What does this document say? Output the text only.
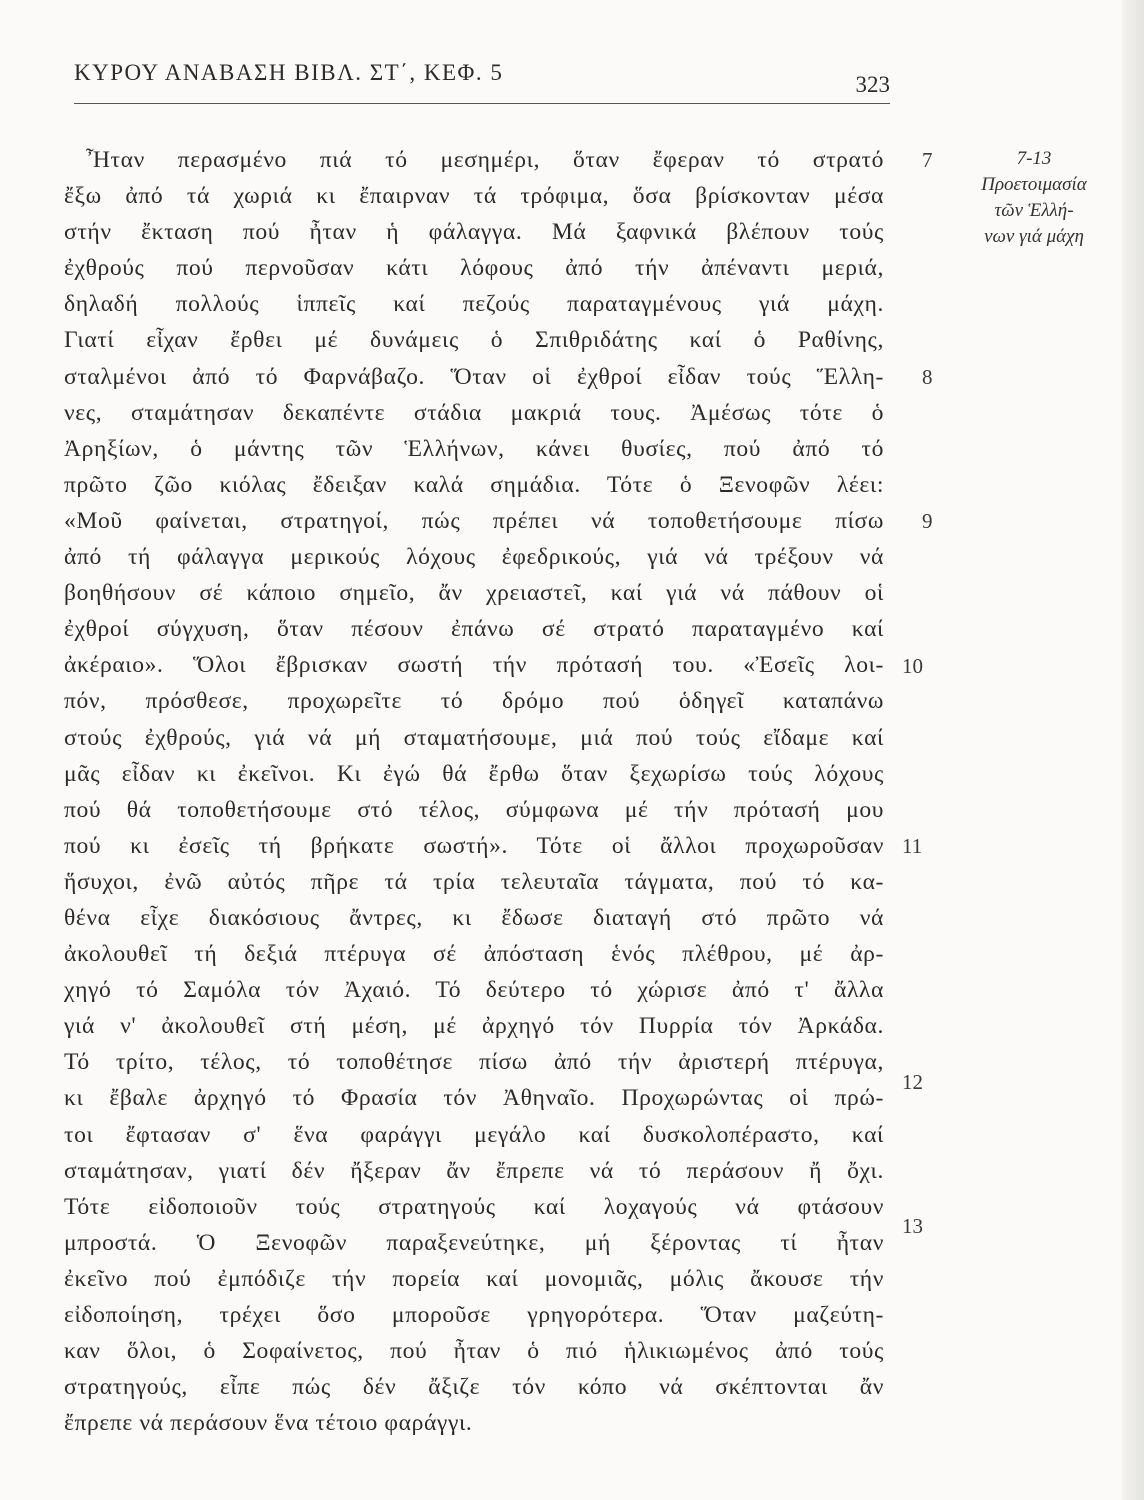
ΚΥΡΟΥ ΑΝΑΒΑΣΗ ΒΙΒΛ. ΣΤ΄, ΚΕΦ. 5	323
Ἦταν περασμένο πιά τό μεσημέρι, ὅταν ἔφεραν τό στρατό
ἔξω ἀπό τά χωριά κι ἔπαιρναν τά τρόφιμα, ὅσα βρίσκονταν μέσα
στήν ἔκταση πού ἦταν ἡ φάλαγγα. Μά ξαφνικά βλέπουν τούς
ἐχθρούς πού περνοῦσαν κάτι λόφους ἀπό τήν ἀπέναντι μεριά,
δηλαδή πολλούς ἱππεῖς καί πεζούς παραταγμένους γιά μάχη.
Γιατί εἶχαν ἔρθει μέ δυνάμεις ὁ Σπιθριδάτης καί ὁ Ραθίνης,
σταλμένοι ἀπό τό Φαρνάβαζο. Ὅταν οἱ ἐχθροί εἶδαν τούς Ἕλλη-
νες, σταμάτησαν δεκαπέντε στάδια μακριά τους. Ἀμέσως τότε ὁ
Ἀρηξίων, ὁ μάντης τῶν Ἑλλήνων, κάνει θυσίες, πού ἀπό τό
πρῶτο ζῶο κιόλας ἔδειξαν καλά σημάδια. Τότε ὁ Ξενοφῶν λέει:
«Μοῦ φαίνεται, στρατηγοί, πώς πρέπει νά τοποθετήσουμε πίσω
ἀπό τή φάλαγγα μερικούς λόχους ἐφεδρικούς, γιά νά τρέξουν νά
βοηθήσουν σέ κάποιο σημεῖο, ἄν χρειαστεῖ, καί γιά νά πάθουν οἱ
ἐχθροί σύγχυση, ὅταν πέσουν ἐπάνω σέ στρατό παραταγμένο καί
ἀκέραιο». Ὅλοι ἔβρισκαν σωστή τήν πρότασή του. «Ἐσεῖς λοι-
πόν, πρόσθεσε, προχωρεῖτε τό δρόμο πού ὁδηγεῖ καταπάνω
στούς ἐχθρούς, γιά νά μή σταματήσουμε, μιά πού τούς εἴδαμε καί
μᾶς εἶδαν κι ἐκεῖνοι. Κι ἐγώ θά ἔρθω ὅταν ξεχωρίσω τούς λόχους
πού θά τοποθετήσουμε στό τέλος, σύμφωνα μέ τήν πρότασή μου
πού κι ἐσεῖς τή βρήκατε σωστή». Τότε οἱ ἄλλοι προχωροῦσαν
ἥσυχοι, ἐνῶ αὐτός πῆρε τά τρία τελευταῖα τάγματα, πού τό κα-
θένα εἶχε διακόσιους ἄντρες, κι ἔδωσε διαταγή στό πρῶτο νά
ἀκολουθεῖ τή δεξιά πτέρυγα σέ ἀπόσταση ἑνός πλέθρου, μέ ἀρ-
χηγό τό Σαμόλα τόν Ἀχαιό. Τό δεύτερο τό χώρισε ἀπό τ' ἄλλα
γιά ν' ἀκολουθεῖ στή μέση, μέ ἀρχηγό τόν Πυρρία τόν Ἀρκάδα.
Τό τρίτο, τέλος, τό τοποθέτησε πίσω ἀπό τήν ἀριστερή πτέρυγα,
κι ἔβαλε ἀρχηγό τό Φρασία τόν Ἀθηναῖο. Προχωρώντας οἱ πρώ-
τοι ἔφτασαν σ' ἕνα φαράγγι μεγάλο καί δυσκολοπέραστο, καί
σταμάτησαν, γιατί δέν ἤξεραν ἄν ἔπρεπε νά τό περάσουν ἤ ὄχι.
Τότε εἰδοποιοῦν τούς στρατηγούς καί λοχαγούς νά φτάσουν
μπροστά. Ὁ Ξενοφῶν παραξενεύτηκε, μή ξέροντας τί ἦταν
ἐκεῖνο πού ἐμπόδιζε τήν πορεία καί μονομιᾶς, μόλις ἄκουσε τήν
εἰδοποίηση, τρέχει ὅσο μποροῦσε γρηγορότερα. Ὅταν μαζεύτη-
καν ὅλοι, ὁ Σοφαίνετος, πού ἦταν ὁ πιό ἡλικιωμένος ἀπό τούς
στρατηγούς, εἶπε πώς δέν ἄξιζε τόν κόπο νά σκέπτονται ἄν
ἔπρεπε νά περάσουν ἕνα τέτοιο φαράγγι.
7
8
9
10
11
12
13
7-13
Προετοιμασία
τῶν Ἑλλή-
νων γιά μάχη
